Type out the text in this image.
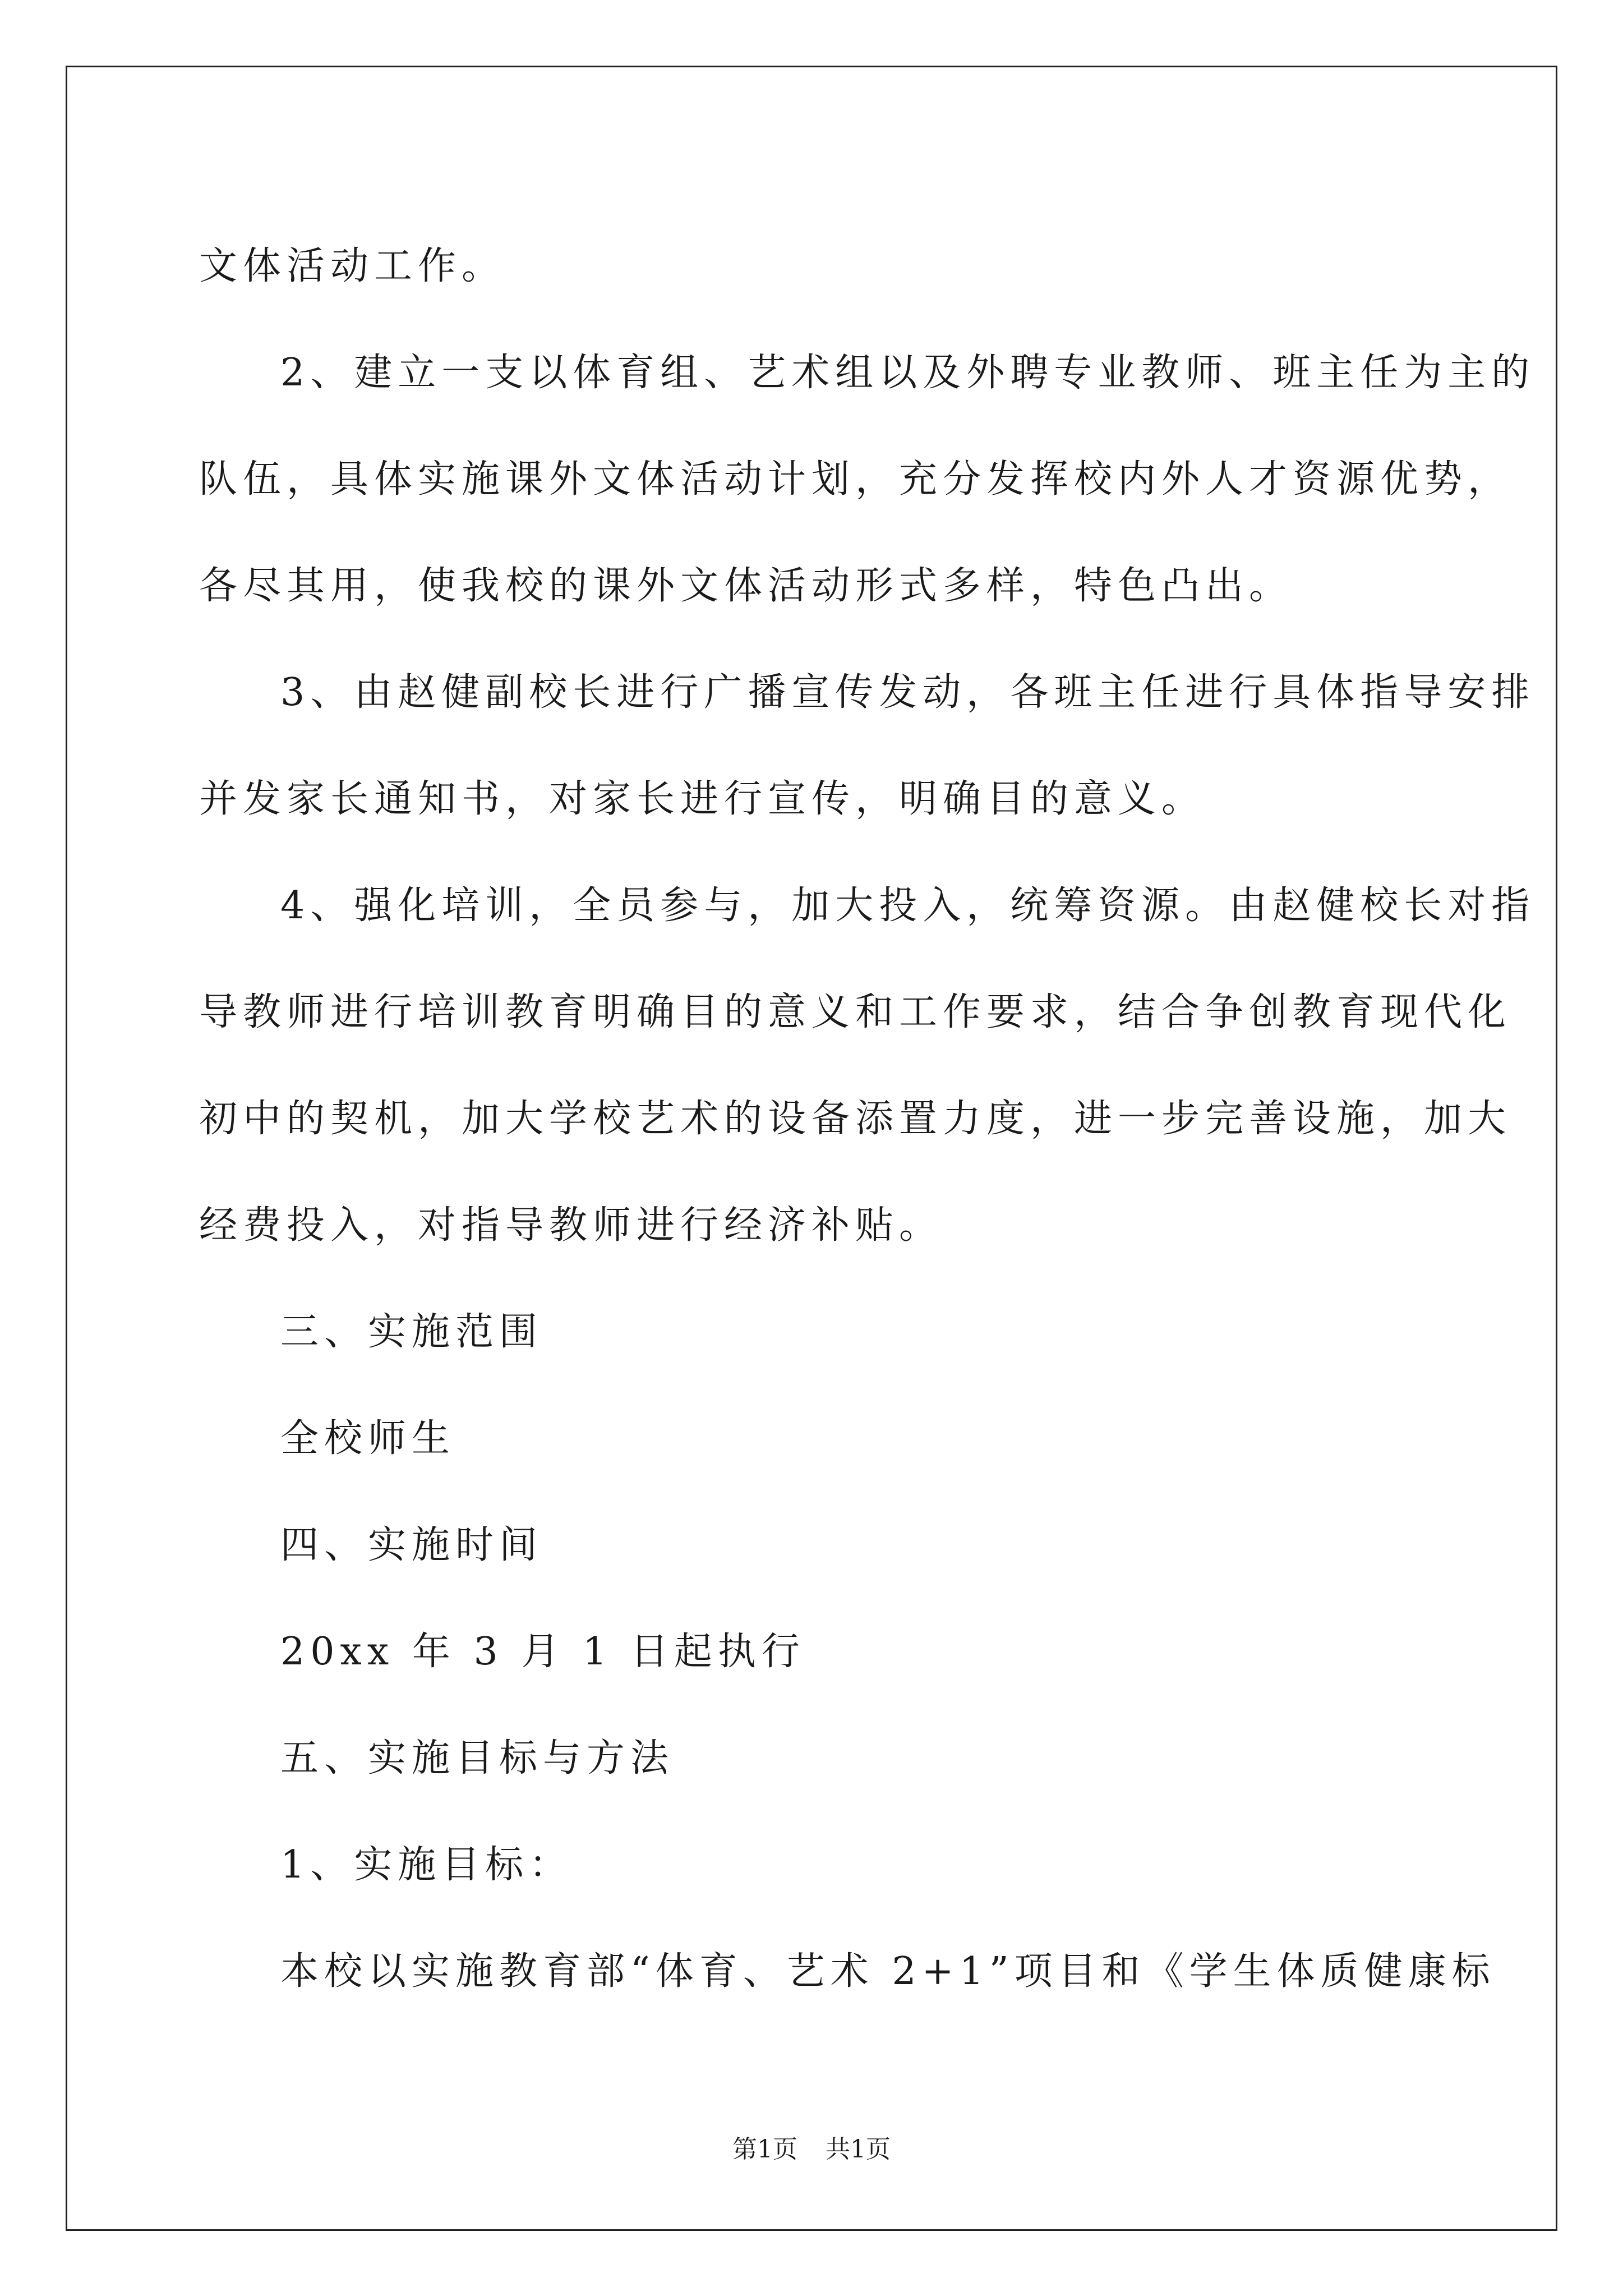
文体活动工作。

2、建立一支以体育组、艺术组以及外聘专业教师、班主任为主的

队伍，具体实施课外文体活动计划，充分发挥校内外人才资源优势，

各尽其用，使我校的课外文体活动形式多样，特色凸出。

3、由赵健副校长进行广播宣传发动，各班主任进行具体指导安排

并发家长通知书，对家长进行宣传，明确目的意义。

4、强化培训，全员参与，加大投入，统筹资源。由赵健校长对指

导教师进行培训教育明确目的意义和工作要求，结合争创教育现代化

初中的契机，加大学校艺术的设备添置力度，进一步完善设施，加大

经费投入，对指导教师进行经济补贴。

三、实施范围

全校师生

四、实施时间

20xx 年 3 月 1 日起执行

五、实施目标与方法

1、实施目标：

本校以实施教育部“体育、艺术 2+1”项目和《学生体质健康标

第1页 共1页
